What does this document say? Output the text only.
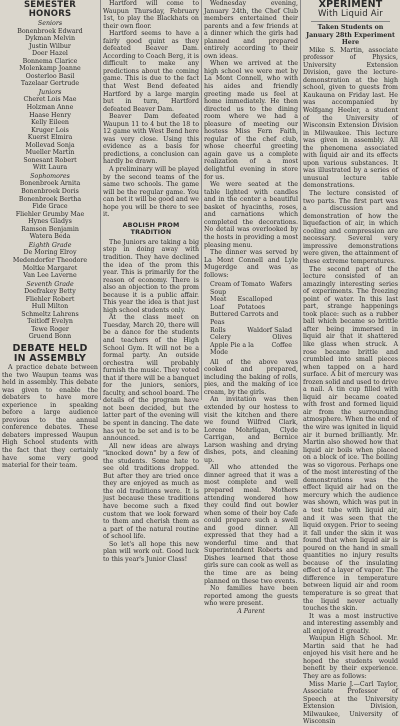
SEMESTER HONORS
Seniors
Bonenbroek Edward
Dykman Melvin
Justin Wilbur
Doer Hazel
Bonnema Clarice
Molenkamp Joanne
Oosterloo Basil
Tazelaar Gertrude
Juniors
Cheret Lois Mae
Holzman Anne
Haase Henry
Kelly Eileen
Kruger Lois
Kuerst Elmira
Mollevad Sonja
Mueller Martin
Sonesant Robert
Witt Laura
Sophomores
Bonenbroek Arnita
Bonenbroek Doris
Bonenbroek Bertha
Fide Grace
Fliehler Grumby Mae
Hynes Gladys
Ramson Benjamin
Watera Beda
Eighth Grade
De Moring Elroy
Medendorfer Theodore
Moltke Margaret
Van Lee Laverne
Seventh Grade
Doefrakey Betty
Fliehler Robert
Hull Milton
Schmeltz Lahrens
Teitloff Evelyn
Tewe Roger
Gruend Bonn
DEBATE HELD
IN ASSEMBLY

A practice debate between the two Waupun teams was held in assembly. This debate was given to enable the debaters to have more experience in speaking before a large audience previous to the annual conference debates. These debaters impressed Waupun High School students with the fact that they certainly have some very good material for their team.

Hartford will come to Waupun Thursday, February 1st, to play the Blackhats on their own floor.

Hartford seems to have a fairly good quint as they defeated Beaver Dam. According to Coach Berg, it is difficult to make any predictions about the coming game. This is due to the fact that West Bend defeated Hartford by a large margin but in turn, Hartford defeated Beaver Dam.

Beaver Dam defeated Waupun 11 to 4 but the 18 to 12 game with West Bend here was very close. Using this evidence as a basis for predictions, a conclusion can hardly be drawn.

A preliminary will be played by the second teams of the same two schools. The game will be the regular game. You can bet it will be good and we hope you will be there to see it.

ABOLISH PROM TRADITION

The Juniors are taking a big step in doing away with tradition. They have declined the idea of the prom this year. This is primarily for the reason of economy. There is also an objection to the prom because it is a public affair. This year the idea is that just high school students only.

At the class meet on Tuesday, March 20, there will be a dance for the students and teachers of the High School Gym. It will not be a formal party. An outside orchestra will probably furnish the music. They voted that if there will be a banquet for the juniors, seniors, faculty, and school board. The details of the program have not been decided, but the latter part of the evening will be spent in dancing. The date has yet to be set and is to be announced.

All new ideas are always "knocked down" by a few of the students. Some hate to see old traditions dropped. But after they are tried once they are enjoyed as much as the old traditions were. It is just because these traditions have become such a fixed custom that we look forward to them and cherish them as a part of the natural routine of school life.

So let's all hope this new plan will work out. Good luck to this year's Junior Class!

Wednesday evening, January 24th, the Chef Club members entertained their parents and a few friends at a dinner which the girls had planned and prepared entirely according to their own ideas.

When we arrived at the high school we were met by La Mont Connell, who with his aides and friendly greeting made us feel at home immediately. He then directed us to the dining room where we had a pleasure of meeting our hostess Miss Fern Faith, regular of the chef club, whose cheerful greeting again gave us a complete realization of a most delightful evening in store for us.

We were seated at the table lighted with candles and in the center a beautiful basket of hyacinths, roses, and carnations which completed the decorations. No detail was overlooked by the hosts in providing a most pleasing menu.

The dinner was served by La Mont Connell and Lyle Mugerdge and was as follows:

Cream of Tomato Soup
Wafers
Meat Loaf
Escalloped Potatoes
Buttered Carrots and Peas
Rolls	Waldorf Salad
Celery	Olives
Apple Pie a la Mode
Coffee

All of the above was cooked and prepared, including the baking of rolls, pies, and the making of ice cream, by the girls.

An invitation was then extended by our hostess to visit the kitchen and there we found Wilfred Clark, Lorene Mohrligan, Clyde Carrigan, and Bernice Larson washing and drying dishes, pots, and cleaning up.

All who attended the dinner agreed that it was a most complete and well prepared meal. Mothers attending wondered how they could find out bowler when some of their boy Cafe could prepare such a swell and good dinner. All expressed that they had a wonderful time and that Superintendent Roberts and Dishes learned that those girls sure can cook as well as the time are as being planned on these two events.

No families have been reported among the guests who were present.

A Parent
XPERIMENT
With Liquid Air
Taken Students on January 28th Experiment Here

Mike S. Martin, associate professor of Physics, University Extension Division, gave the lecture-demonstration at the high school, given to guests from Kaukauna on Friday last. He was accompanied by Wolfgang Heeler, a student of the University of Wisconsin Extension Division in Milwaukee. This lecture was given in assembly. All the phenomena associated with liquid air and its effects upon various substances. It was illustrated by a series of unusual lecture table demonstrations.

The lecture consisted of two parts. The first part was a discussion and demonstration of how the liquefaction of air, in which cooling and compression are necessary. Several very impressive demonstrations were given, the attainment of these extreme temperatures.

The second part of the lecture consisted of an amazingly interesting series of experiments. The freezing point of water. In this last part, strange happenings took place: such as a rubber ball which became so brittle after being immersed in liquid air that it shattered like glass when struck. A rose became brittle and crumbled into small pieces when tapped on a hard surface. A bit of mercury was frozen solid and used to drive a nail. A tin cup filled with liquid air became coated with frost and formed liquid air from the surrounding atmosphere. When the end of the wire was ignited in liquid air it burned brilliantly. Mr. Martin also showed how that liquid air boils when placed on a block of ice. The boiling was so vigorous. Perhaps one of the most interesting of the demonstrations was the effect liquid air had on the mercury which the audience was shown, which was put in a test tube with liquid air, and it was seen that the liquid oxygen. Prior to seeing it fall under the skin it was found that when liquid air is poured on the hand in small quantities no injury results because of the insulating effect of a layer of vapor. The difference in temperature between liquid air and room temperature is so great that the liquid never actually touches the skin.

It was a most instructive and interesting assembly and all enjoyed it greatly.

Waupun High School. Mr. Martin said that he had enjoyed his visit here and he hoped the students would benefit by their experience. They are as follows:

Miss Marie J.—Carl Taylor, Associate Professor of Speech at the University Extension Division, Milwaukee, University of Wisconsin
